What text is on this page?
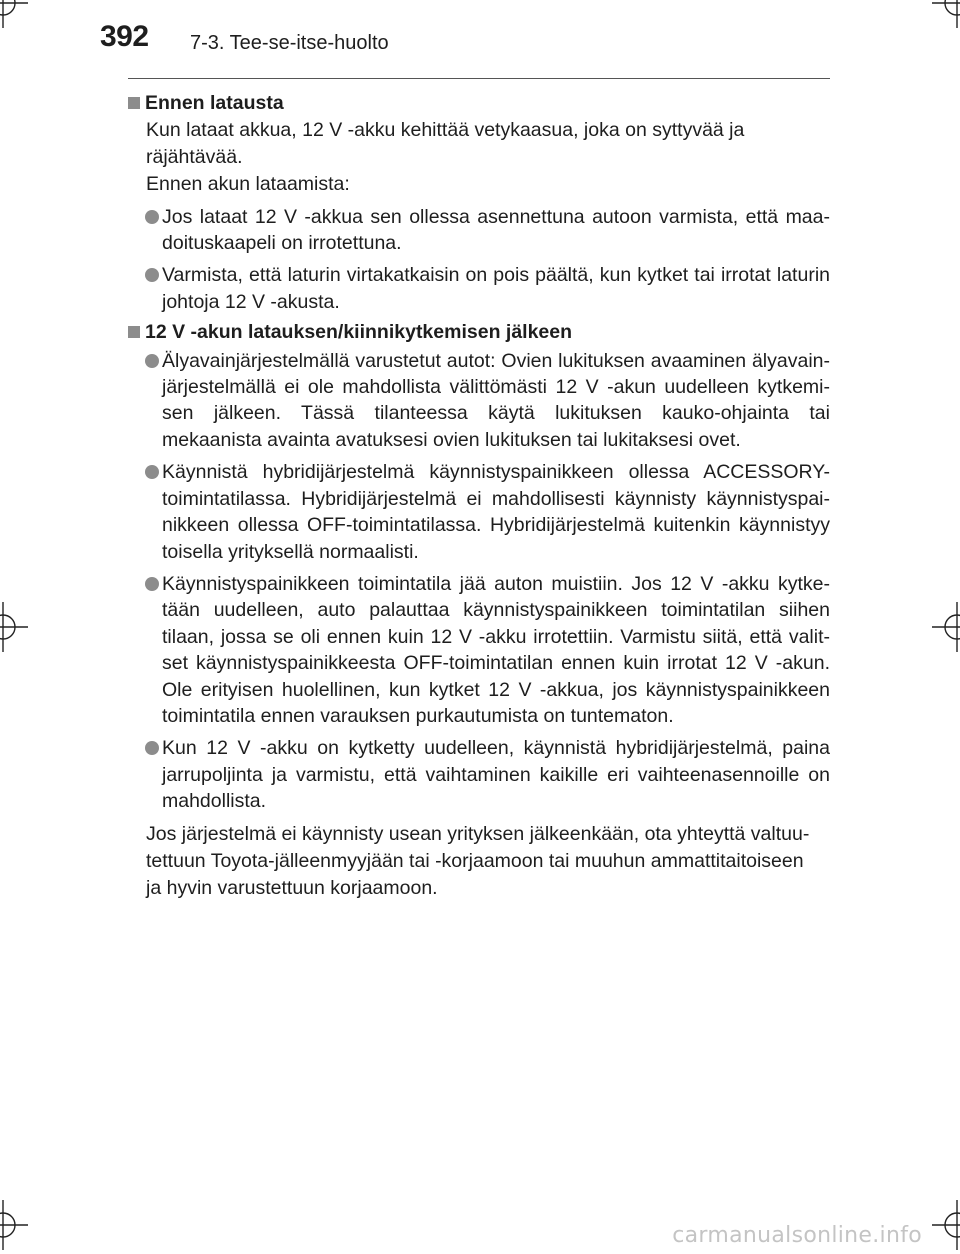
392 7-3. Tee-se-itse-huolto
Ennen latausta
Kun lataat akkua, 12 V -akku kehittää vetykaasua, joka on syttyvää ja räjähtävää.
Ennen akun lataamista:
Jos lataat 12 V -akkua sen ollessa asennettuna autoon varmista, että maa-doituskaapeli on irrotettuna.
Varmista, että laturin virtakatkaisin on pois päältä, kun kytket tai irrotat laturin johtoja 12 V -akusta.
12 V -akun latauksen/kiinnikytkemisen jälkeen
Älyavainjärjestelmällä varustetut autot: Ovien lukituksen avaaminen älyavain-järjestelmällä ei ole mahdollista välittömästi 12 V -akun uudelleen kytkemi-sen jälkeen. Tässä tilanteessa käytä lukituksen kauko-ohjainta tai mekaanista avainta avatuksesi ovien lukituksen tai lukitaksesi ovet.
Käynnistä hybridijärjestelmä käynnistyspainikkeen ollessa ACCESSORY-toimintatilassa. Hybridijärjestelmä ei mahdollisesti käynnisty käynnistyspai-nikkeen ollessa OFF-toimintatilassa. Hybridijärjestelmä kuitenkin käynnistyy toisella yrityksellä normaalisti.
Käynnistyspainikkeen toimintatila jää auton muistiin. Jos 12 V -akku kytke-tään uudelleen, auto palauttaa käynnistyspainikkeen toimintatilan siihen tilaan, jossa se oli ennen kuin 12 V -akku irrotettiin. Varmistu siitä, että valit-set käynnistyspainikkeesta OFF-toimintatilan ennen kuin irrotat 12 V -akun. Ole erityisen huolellinen, kun kytket 12 V -akkua, jos käynnistyspainikkeen toimintatila ennen varauksen purkautumista on tuntematon.
Kun 12 V -akku on kytketty uudelleen, käynnistä hybridijärjestelmä, paina jarrupoljinta ja varmistu, että vaihtaminen kaikille eri vaihteenasennoille on mahdollista.
Jos järjestelmä ei käynnisty usean yrityksen jälkeenkään, ota yhteyttä valtuu-
tettuun Toyota-jälleenmyyjään tai -korjaamoon tai muuhun ammattitaitoiseen
ja hyvin varustettuun korjaamoon.
carmanualsonline.info
